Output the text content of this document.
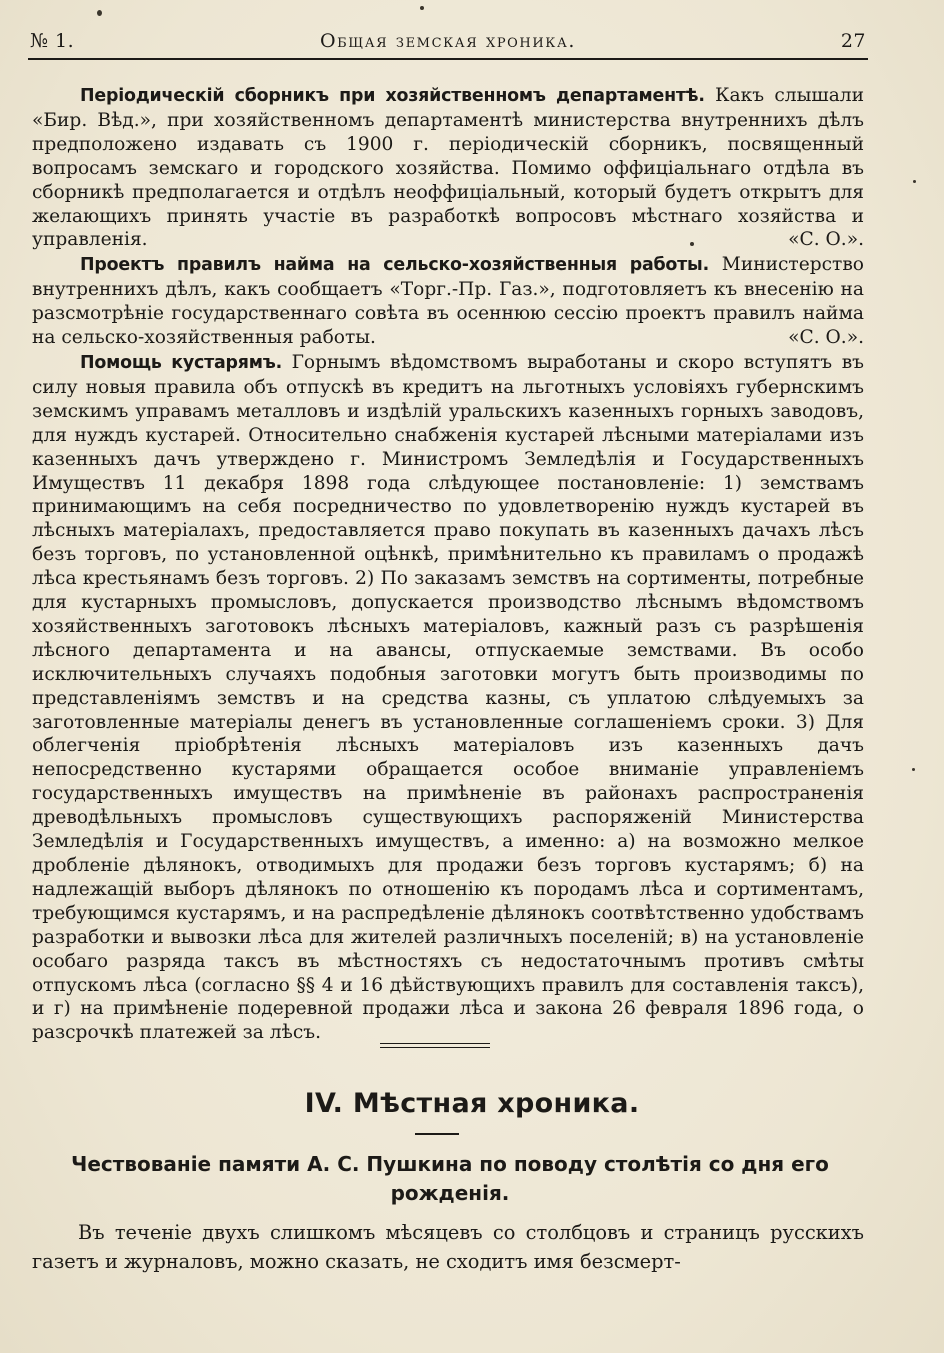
№ 1.	Общая земская хроника.	27

Періодическій сборникъ при хозяйственномъ департаментѣ. Какъ слышали «Бир. Вѣд.», при хозяйственномъ департаментѣ министерства внутреннихъ дѣлъ предположено издавать съ 1900 г. періодическій сборникъ, посвященный вопросамъ земскаго и городского хозяйства. Помимо оффиціальнаго отдѣла въ сборникѣ предполагается и отдѣлъ неоффиціальный, который будетъ открытъ для желающихъ принять участіе въ разработкѣ вопросовъ мѣстнаго хозяйства и управленія.	«С. О.».

Проектъ правилъ найма на сельско-хозяйственныя работы. Министерство внутреннихъ дѣлъ, какъ сообщаетъ «Торг.-Пр. Газ.», подготовляетъ къ внесенію на разсмотрѣніе государственнаго совѣта въ осеннюю сессію проектъ правилъ найма на сельско-хозяйственныя работы.	«С. О.».

Помощь кустарямъ. Горнымъ вѣдомствомъ выработаны и скоро вступятъ въ силу новыя правила объ отпускѣ въ кредитъ на льготныхъ условіяхъ губернскимъ земскимъ управамъ металловъ и издѣлій уральскихъ казенныхъ горныхъ заводовъ, для нуждъ кустарей. Относительно снабженія кустарей лѣсными матеріалами изъ казенныхъ дачъ утверждено г. Министромъ Земледѣлія и Государственныхъ Имуществъ 11 декабря 1898 года слѣдующее постановленіе: 1) земствамъ принимающимъ на себя посредничество по удовлетворенію нуждъ кустарей въ лѣсныхъ матеріалахъ, предоставляется право покупать въ казенныхъ дачахъ лѣсъ безъ торговъ, по установленной оцѣнкѣ, примѣнительно къ правиламъ о продажѣ лѣса крестьянамъ безъ торговъ. 2) По заказамъ земствъ на сортименты, потребные для кустарныхъ промысловъ, допускается производство лѣснымъ вѣдомствомъ хозяйственныхъ заготовокъ лѣсныхъ матеріаловъ, кажный разъ съ разрѣшенія лѣсного департамента и на авансы, отпускаемые земствами. Въ особо исключительныхъ случаяхъ подобныя заготовки могутъ быть производимы по представленіямъ земствъ и на средства казны, съ уплатою слѣдуемыхъ за заготовленные матеріалы денегъ въ установленные соглашеніемъ сроки. 3) Для облегченія пріобрѣтенія лѣсныхъ матеріаловъ изъ казенныхъ дачъ непосредственно кустарями обращается особое вниманіе управленіемъ государственныхъ имуществъ на примѣненіе въ районахъ распространенія древодѣльныхъ промысловъ существующихъ распоряженій Министерства Земледѣлія и Государственныхъ имуществъ, а именно: а) на возможно мелкое дробленіе дѣлянокъ, отводимыхъ для продажи безъ торговъ кустарямъ; б) на надлежащій выборъ дѣлянокъ по отношенію къ породамъ лѣса и сортиментамъ, требующимся кустарямъ, и на распредѣленіе дѣлянокъ соотвѣтственно удобствамъ разработки и вывозки лѣса для жителей различныхъ поселеній; в) на установленіе особаго разряда таксъ въ мѣстностяхъ съ недостаточнымъ противъ смѣты отпускомъ лѣса (согласно §§ 4 и 16 дѣйствующихъ правилъ для составленія таксъ), и г) на примѣненіе подеревной продажи лѣса и закона 26 февраля 1896 года, о разсрочкѣ платежей за лѣсъ.

IV. Мѣстная хроника.
Чествованіе памяти А. С. Пушкина по поводу столѣтія со дня его рожденія.

Въ теченіе двухъ слишкомъ мѣсяцевъ со столбцовъ и страницъ русскихъ газетъ и журналовъ, можно сказать, не сходитъ имя безсмерт-
